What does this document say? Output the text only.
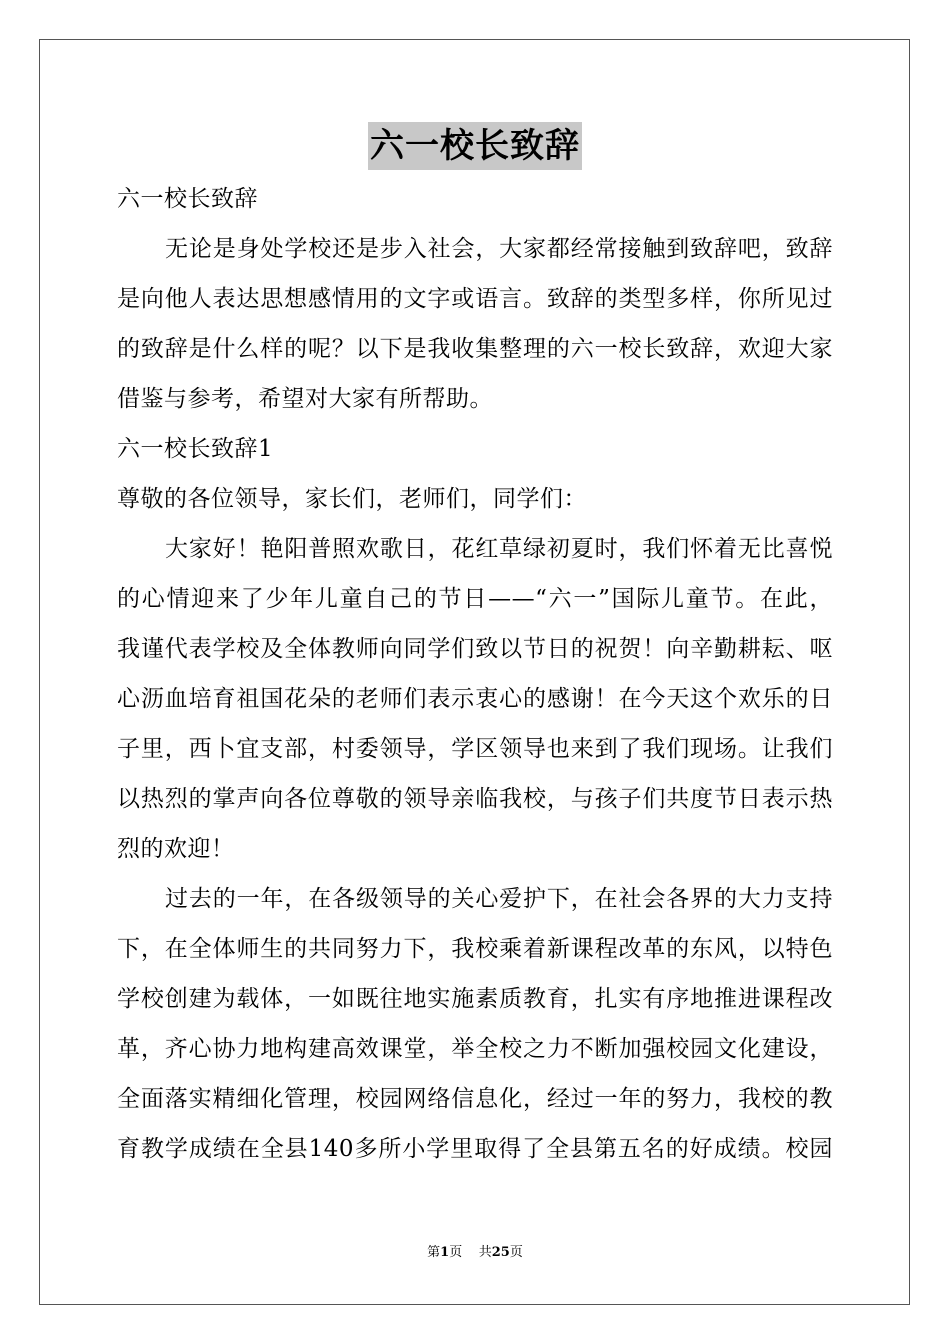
六一校长致辞
六一校长致辞
无论是身处学校还是步入社会，大家都经常接触到致辞吧，致辞
是向他人表达思想感情用的文字或语言。致辞的类型多样，你所见过
的致辞是什么样的呢？以下是我收集整理的六一校长致辞，欢迎大家
借鉴与参考，希望对大家有所帮助。
六一校长致辞1
尊敬的各位领导，家长们，老师们，同学们：
大家好！艳阳普照欢歌日，花红草绿初夏时，我们怀着无比喜悦
的心情迎来了少年儿童自己的节日——“六一”国际儿童节。在此，
我谨代表学校及全体教师向同学们致以节日的祝贺！向辛勤耕耘、呕
心沥血培育祖国花朵的老师们表示衷心的感谢！在今天这个欢乐的日
子里，西卜宜支部，村委领导，学区领导也来到了我们现场。让我们
以热烈的掌声向各位尊敬的领导亲临我校，与孩子们共度节日表示热
烈的欢迎！
过去的一年，在各级领导的关心爱护下，在社会各界的大力支持
下，在全体师生的共同努力下，我校乘着新课程改革的东风，以特色
学校创建为载体，一如既往地实施素质教育，扎实有序地推进课程改
革，齐心协力地构建高效课堂，举全校之力不断加强校园文化建设，
全面落实精细化管理，校园网络信息化，经过一年的努力，我校的教
育教学成绩在全县140多所小学里取得了全县第五名的好成绩。校园
第1页 共25页
